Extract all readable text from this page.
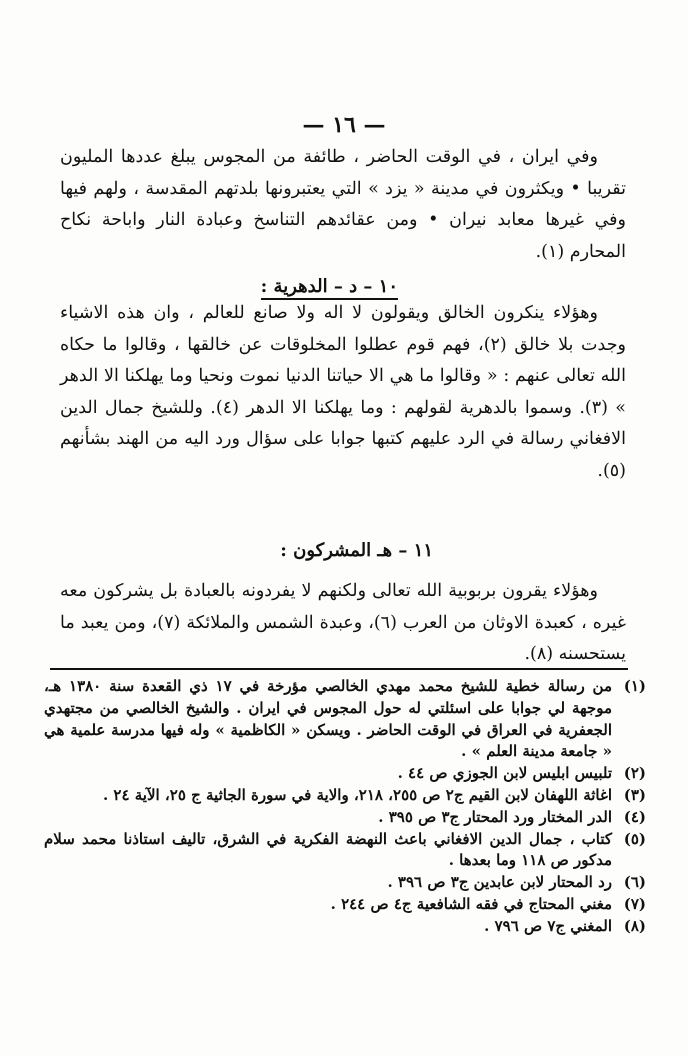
— ١٦ —

وفي ايران ، في الوقت الحاضر ، طائفة من المجوس يبلغ عددها المليون تقريبا • ويكثرون في مدينة « يزد » التي يعتبرونها بلدتهم المقدسة ، ولهم فيها وفي غيرها معابد نيران • ومن عقائدهم التناسخ وعبادة النار واباحة نكاح المحارم (١).

١٠ – د – الدهرية :

وهؤلاء ينكرون الخالق ويقولون لا اله ولا صانع للعالم ، وان هذه الاشياء وجدت بلا خالق (٢)، فهم قوم عطلوا المخلوقات عن خالقها ، وقالوا ما حكاه الله تعالى عنهم : « وقالوا ما هي الا حياتنا الدنيا نموت ونحيا وما يهلكنا الا الدهر » (٣). وسموا بالدهرية لقولهم : وما يهلكنا الا الدهر (٤). وللشيخ جمال الدين الافغاني رسالة في الرد عليهم كتبها جوابا على سؤال ورد اليه من الهند بشأنهم (٥).

١١ – هـ المشركون :

وهؤلاء يقرون بربوبية الله تعالى ولكنهم لا يفردونه بالعبادة بل يشركون معه غيره ، كعبدة الاوثان من العرب (٦)، وعبدة الشمس والملائكة (٧)، ومن يعبد ما يستحسنه (٨).

(١)
من رسالة خطية للشيخ محمد مهدي الخالصي مؤرخة في ١٧ ذي القعدة سنة ١٣٨٠ هـ، موجهة لي جوابا على اسئلتي له حول المجوس في ايران . والشيخ الخالصي من مجتهدي الجعفرية في العراق في الوقت الحاضر . ويسكن « الكاظمية » وله فيها مدرسة علمية هي « جامعة مدينة العلم » .
(٢)
تلبيس ابليس لابن الجوزي ص ٤٤ .
(٣)
اغاثة اللهفان لابن القيم ج٢ ص ٢٥٥، ٢١٨، والاية في سورة الجاثية ج ٢٥، الآية ٢٤ .
(٤)
الدر المختار ورد المحتار ج٣ ص ٣٩٥ .
(٥)
كتاب ، جمال الدين الافغاني باعث النهضة الفكرية في الشرق، تاليف استاذنا محمد سلام مدكور ص ١١٨ وما بعدها .
(٦)
رد المحتار لابن عابدين ج٣ ص ٣٩٦ .
(٧)
مغني المحتاج في فقه الشافعية ج٤ ص ٢٤٤ .
(٨)
المغني ج٧ ص ٧٩٦ .
